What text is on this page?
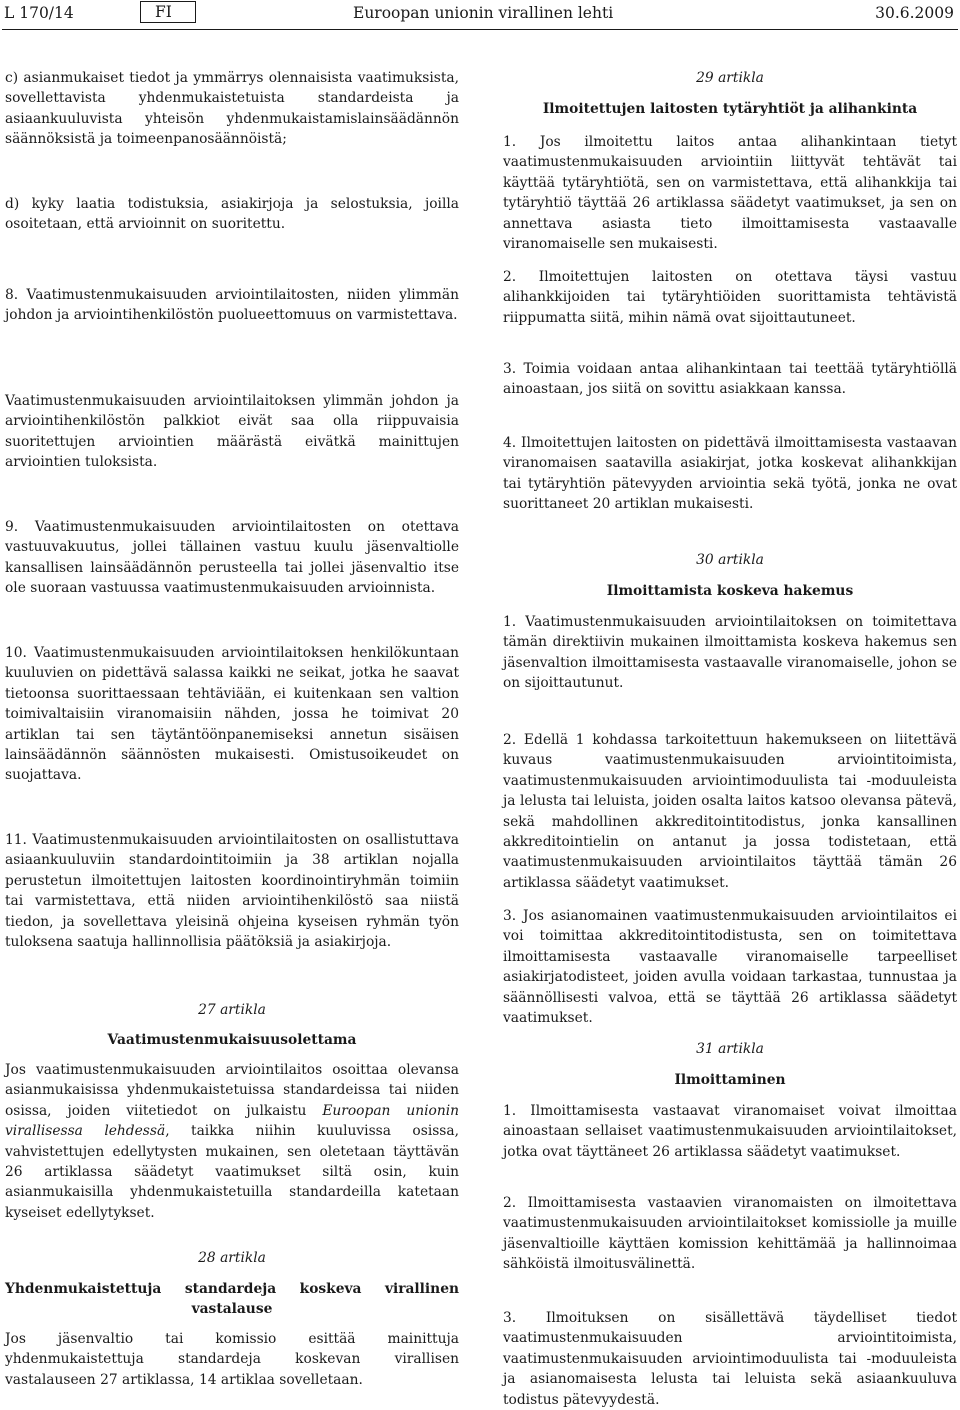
L 170/14	FI	Euroopan unionin virallinen lehti	30.6.2009

c) asianmukaiset tiedot ja ymmärrys olennaisista vaatimuksista, sovellettavista yhdenmukaistetuista standardeista ja asiaankuuluvista yhteisön yhdenmukaistamislainsäädännön säännöksistä ja toimeenpanosäännöistä;

d) kyky laatia todistuksia, asiakirjoja ja selostuksia, joilla osoitetaan, että arvioinnit on suoritettu.

8. Vaatimustenmukaisuuden arviointilaitosten, niiden ylimmän johdon ja arviointihenkilöstön puolueettomuus on varmistettava.

Vaatimustenmukaisuuden arviointilaitoksen ylimmän johdon ja arviointihenkilöstön palkkiot eivät saa olla riippuvaisia suoritettujen arviointien määrästä eivätkä mainittujen arviointien tuloksista.

9. Vaatimustenmukaisuuden arviointilaitosten on otettava vastuuvakuutus, jollei tällainen vastuu kuulu jäsenvaltiolle kansallisen lainsäädännön perusteella tai jollei jäsenvaltio itse ole suoraan vastuussa vaatimustenmukaisuuden arvioinnista.

10. Vaatimustenmukaisuuden arviointilaitoksen henkilökuntaan kuuluvien on pidettävä salassa kaikki ne seikat, jotka he saavat tietoonsa suorittaessaan tehtäviään, ei kuitenkaan sen valtion toimivaltaisiin viranomaisiin nähden, jossa he toimivat 20 artiklan tai sen täytäntöönpanemiseksi annetun sisäisen lainsäädännön säännösten mukaisesti. Omistusoikeudet on suojattava.

11. Vaatimustenmukaisuuden arviointilaitosten on osallistuttava asiaankuuluviin standardointitoimiin ja 38 artiklan nojalla perustetun ilmoitettujen laitosten koordinointiryhmän toimiin tai varmistettava, että niiden arviointihenkilöstö saa niistä tiedon, ja sovellettava yleisinä ohjeina kyseisen ryhmän työn tuloksena saatuja hallinnollisia päätöksiä ja asiakirjoja.

27 artikla

Vaatimustenmukaisuusolettama

Jos vaatimustenmukaisuuden arviointilaitos osoittaa olevansa asianmukaisissa yhdenmukaistetuissa standardeissa tai niiden osissa, joiden viitetiedot on julkaistu Euroopan unionin virallisessa lehdessä, taikka niihin kuuluvissa osissa, vahvistettujen edellytysten mukainen, sen oletetaan täyttävän 26 artiklassa säädetyt vaatimukset siltä osin, kuin asianmukaisilla yhdenmukaistetuilla standardeilla katetaan kyseiset edellytykset.

28 artikla

Yhdenmukaistettuja standardeja koskeva virallinen vastalause

Jos jäsenvaltio tai komissio esittää mainittuja yhdenmukaistettuja standardeja koskevan virallisen vastalauseen 27 artiklassa, 14 artiklaa sovelletaan.

29 artikla

Ilmoitettujen laitosten tytäryhtiöt ja alihankinta

1. Jos ilmoitettu laitos antaa alihankintaan tietyt vaatimustenmukaisuuden arviointiin liittyvät tehtävät tai käyttää tytäryhtiötä, sen on varmistettava, että alihankkija tai tytäryhtiö täyttää 26 artiklassa säädetyt vaatimukset, ja sen on annettava asiasta tieto ilmoittamisesta vastaavalle viranomaiselle sen mukaisesti.

2. Ilmoitettujen laitosten on otettava täysi vastuu alihankkijoiden tai tytäryhtiöiden suorittamista tehtävistä riippumatta siitä, mihin nämä ovat sijoittautuneet.

3. Toimia voidaan antaa alihankintaan tai teettää tytäryhtiöllä ainoastaan, jos siitä on sovittu asiakkaan kanssa.

4. Ilmoitettujen laitosten on pidettävä ilmoittamisesta vastaavan viranomaisen saatavilla asiakirjat, jotka koskevat alihankkijan tai tytäryhtiön pätevyyden arviointia sekä työtä, jonka ne ovat suorittaneet 20 artiklan mukaisesti.

30 artikla

Ilmoittamista koskeva hakemus

1. Vaatimustenmukaisuuden arviointilaitoksen on toimitettava tämän direktiivin mukainen ilmoittamista koskeva hakemus sen jäsenvaltion ilmoittamisesta vastaavalle viranomaiselle, johon se on sijoittautunut.

2. Edellä 1 kohdassa tarkoitettuun hakemukseen on liitettävä kuvaus vaatimustenmukaisuuden arviointitoimista, vaatimustenmukaisuuden arviointimoduulista tai -moduuleista ja lelusta tai leluista, joiden osalta laitos katsoo olevansa pätevä, sekä mahdollinen akkreditointitodistus, jonka kansallinen akkreditointielin on antanut ja jossa todistetaan, että vaatimustenmukaisuuden arviointilaitos täyttää tämän 26 artiklassa säädetyt vaatimukset.

3. Jos asianomainen vaatimustenmukaisuuden arviointilaitos ei voi toimittaa akkreditointitodistusta, sen on toimitettava ilmoittamisesta vastaavalle viranomaiselle tarpeelliset asiakirjatodisteet, joiden avulla voidaan tarkastaa, tunnustaa ja säännöllisesti valvoa, että se täyttää 26 artiklassa säädetyt vaatimukset.

31 artikla

Ilmoittaminen

1. Ilmoittamisesta vastaavat viranomaiset voivat ilmoittaa ainoastaan sellaiset vaatimustenmukaisuuden arviointilaitokset, jotka ovat täyttäneet 26 artiklassa säädetyt vaatimukset.

2. Ilmoittamisesta vastaavien viranomaisten on ilmoitettava vaatimustenmukaisuuden arviointilaitokset komissiolle ja muille jäsenvaltioille käyttäen komission kehittämää ja hallinnoimaa sähköistä ilmoitusvälinettä.

3. Ilmoituksen on sisällettävä täydelliset tiedot vaatimustenmukaisuuden arviointitoimista, vaatimustenmukaisuuden arviointimoduulista tai -moduuleista ja asianomaisesta lelusta tai leluista sekä asiaankuuluva todistus pätevyydestä.
